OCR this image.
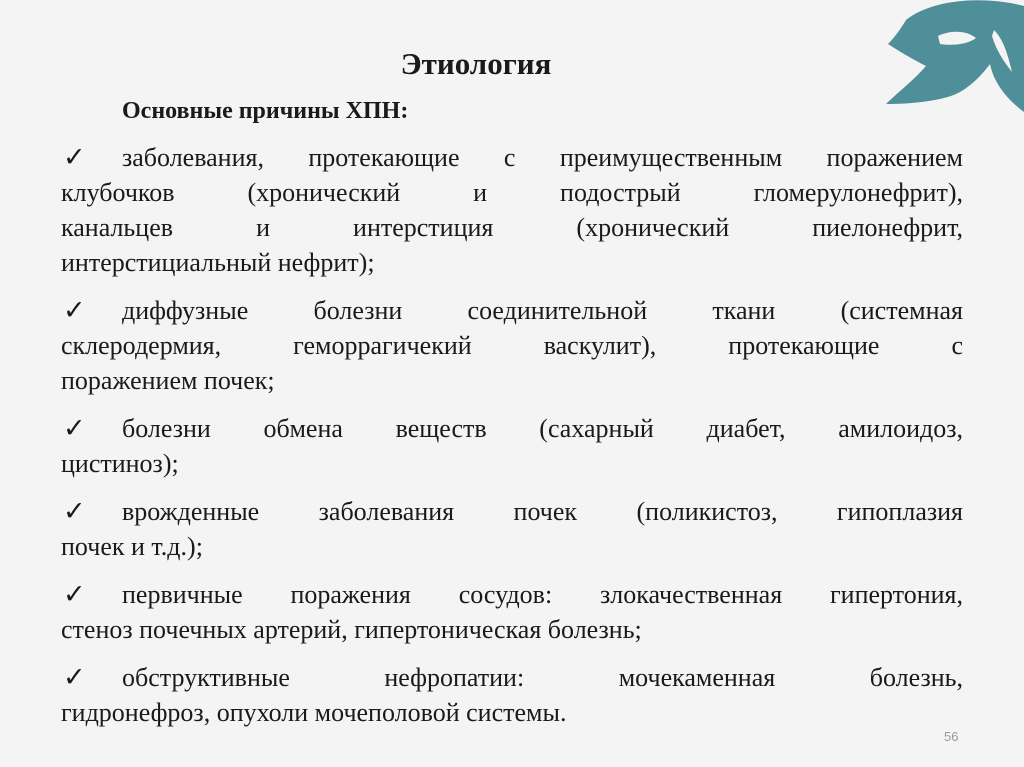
Этиология
Основные причины ХПН:
✓	заболевания, протекающие с преимущественным поражением
клубочков (хронический и подострый гломерулонефрит),
канальцев и интерстиция (хронический пиелонефрит,
интерстициальный нефрит);
✓	диффузные болезни соединительной ткани (системная
склеродермия, геморрагичекий васкулит), протекающие с
поражением почек;
✓	болезни обмена веществ (сахарный диабет, амилоидоз,
цистиноз);
✓	врожденные заболевания почек (поликистоз, гипоплазия
почек и т.д.);
✓	первичные поражения сосудов: злокачественная гипертония,
стеноз почечных артерий, гипертоническая болезнь;
✓	обструктивные нефропатии: мочекаменная болезнь,
гидронефроз, опухоли мочеполовой системы.
56
